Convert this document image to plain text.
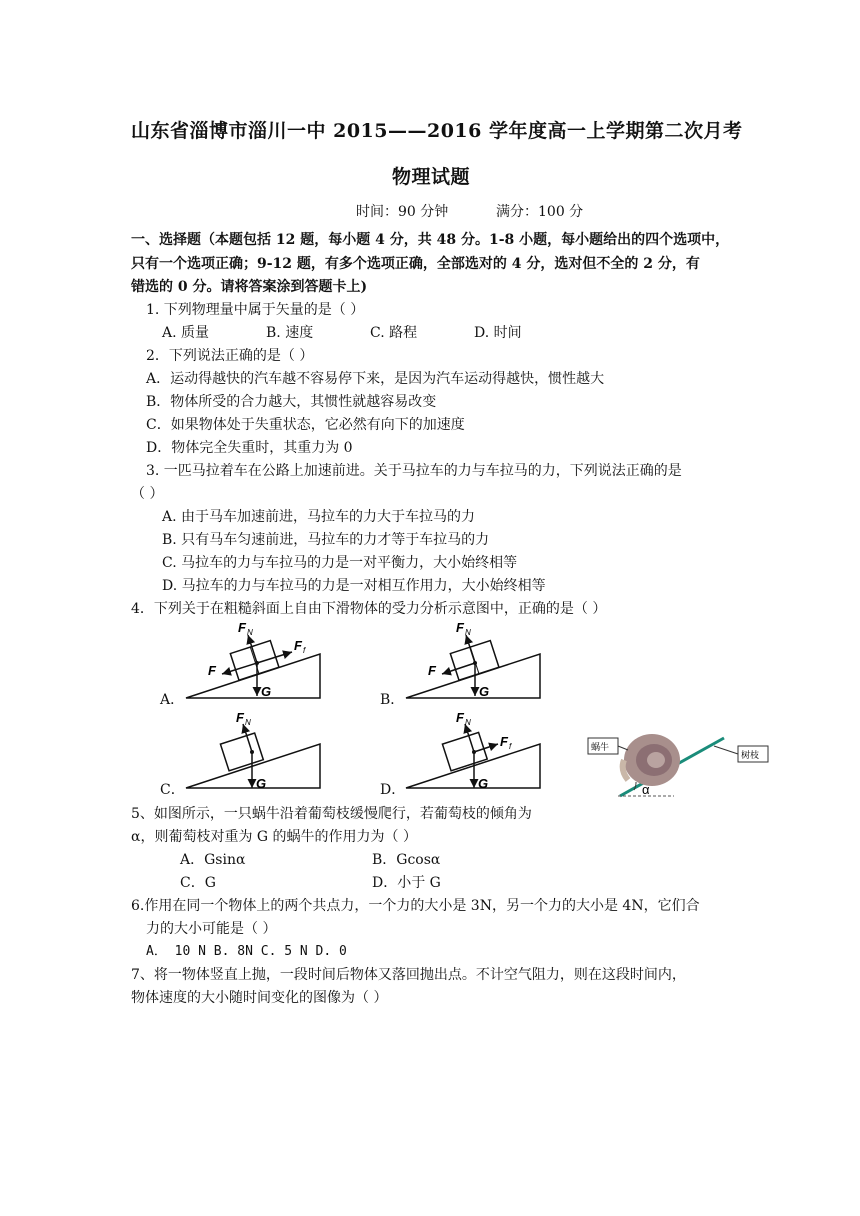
山东省淄博市淄川一中 2015——2016 学年度高一上学期第二次月考
物理试题
时间：90 分钟	满分：100 分
一、选择题（本题包括 12 题，每小题 4 分，共 48 分。1-8 小题，每小题给出的四个选项中，
只有一个选项正确；9-12 题，有多个选项正确，全部选对的 4 分，选对但不全的 2 分，有
错选的 0 分。请将答案涂到答题卡上)
1. 下列物理量中属于矢量的是（ ）
A. 质量	B. 速度	C. 路程	D. 时间
2．下列说法正确的是（ ）
A．运动得越快的汽车越不容易停下来，是因为汽车运动得越快，惯性越大
B．物体所受的合力越大，其惯性就越容易改变
C．如果物体处于失重状态，它必然有向下的加速度
D．物体完全失重时，其重力为 0
3. 一匹马拉着车在公路上加速前进。关于马拉车的力与车拉马的力，下列说法正确的是
（ ）
A. 由于马车加速前进，马拉车的力大于车拉马的力
B. 只有马车匀速前进，马拉车的力才等于车拉马的力
C. 马拉车的力与车拉马的力是一对平衡力，大小始终相等
D. 马拉车的力与车拉马的力是一对相互作用力，大小始终相等
4．下列关于在粗糙斜面上自由下滑物体的受力分析示意图中，正确的是（ ）
A．	B．
C．	D．
F N
F f
F
G
F N
F
G
F N
G
F N
F f
G
蜗牛
树枝
α
5、如图所示，一只蜗牛沿着葡萄枝缓慢爬行，若葡萄枝的倾角为
α，则葡萄枝对重为 G 的蜗牛的作用力为（ ）
A．Gsinα	B．Gcosα
C．G	D．小于 G
6.作用在同一个物体上的两个共点力，一个力的大小是 3N，另一个力的大小是 4N，它们合
力的大小可能是（ ）
A． 10 N B. 8N C. 5 N D. 0
7、将一物体竖直上抛，一段时间后物体又落回抛出点。不计空气阻力，则在这段时间内，
物体速度的大小随时间变化的图像为（ ）
